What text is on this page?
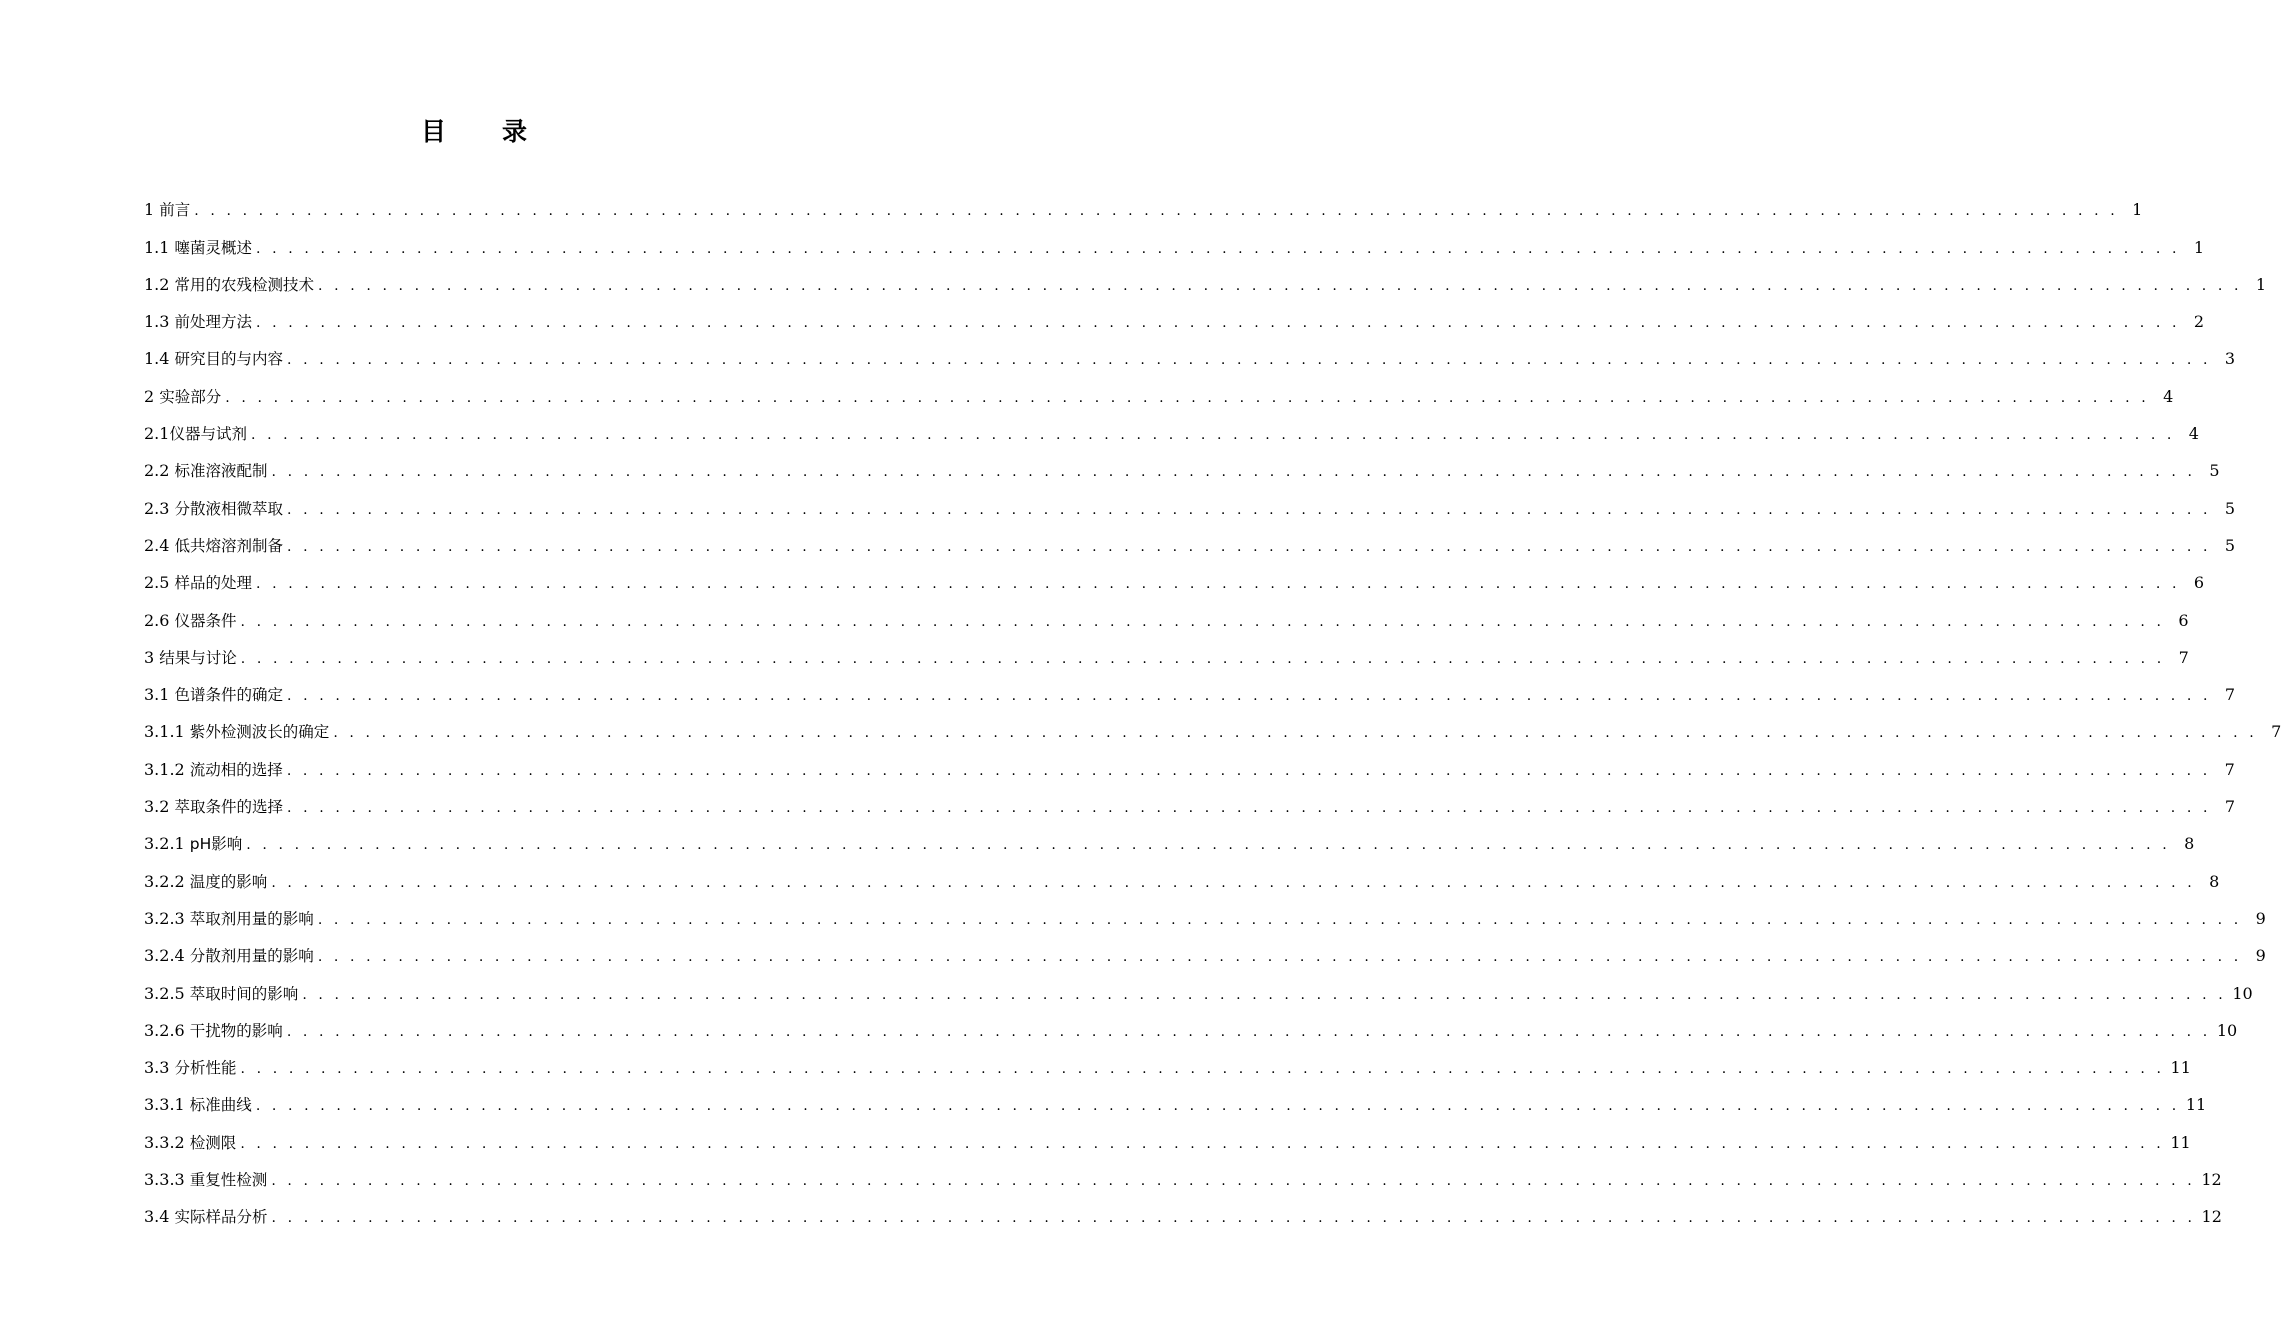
目　　录
1 前言 . . . . . . . . . . . . . . . . . . . . . . . . . . . . . . . . . . . . . . . . . . . . . . . . . . . . . . . . . . . . . . . . . . . . . . . . . . . . . . . . . . . . . . . . . . . . . . . . . . . . . . . . . . . . . . . . . . . . . . . . 1
1.1 噻菌灵概述 . . . . . . . . . . . . . . . . . . . . . . . . . . . . . . . . . . . . . . . . . . . . . . . . . . . . . . . . . . . . . . . . . . . . . . . . . . . . . . . . . . . . . . . . . . . . . . . . . . . . . . . . . . . . . . . . . . . . . . . . 1
1.2 常用的农残检测技术 . . . . . . . . . . . . . . . . . . . . . . . . . . . . . . . . . . . . . . . . . . . . . . . . . . . . . . . . . . . . . . . . . . . . . . . . . . . . . . . . . . . . . . . . . . . . . . . . . . . . . . . . . . . . . . . . . . . . . . . . 1
1.3 前处理方法 . . . . . . . . . . . . . . . . . . . . . . . . . . . . . . . . . . . . . . . . . . . . . . . . . . . . . . . . . . . . . . . . . . . . . . . . . . . . . . . . . . . . . . . . . . . . . . . . . . . . . . . . . . . . . . . . . . . . . . . . 2
1.4 研究目的与内容 . . . . . . . . . . . . . . . . . . . . . . . . . . . . . . . . . . . . . . . . . . . . . . . . . . . . . . . . . . . . . . . . . . . . . . . . . . . . . . . . . . . . . . . . . . . . . . . . . . . . . . . . . . . . . . . . . . . . . . . . 3
2 实验部分 . . . . . . . . . . . . . . . . . . . . . . . . . . . . . . . . . . . . . . . . . . . . . . . . . . . . . . . . . . . . . . . . . . . . . . . . . . . . . . . . . . . . . . . . . . . . . . . . . . . . . . . . . . . . . . . . . . . . . . . . 4
2.1 仪器与试剂 . . . . . . . . . . . . . . . . . . . . . . . . . . . . . . . . . . . . . . . . . . . . . . . . . . . . . . . . . . . . . . . . . . . . . . . . . . . . . . . . . . . . . . . . . . . . . . . . . . . . . . . . . . . . . . . . . . . . . . . . 4
2.2 标准溶液配制 . . . . . . . . . . . . . . . . . . . . . . . . . . . . . . . . . . . . . . . . . . . . . . . . . . . . . . . . . . . . . . . . . . . . . . . . . . . . . . . . . . . . . . . . . . . . . . . . . . . . . . . . . . . . . . . . . . . . . . . . 5
2.3 分散液相微萃取 . . . . . . . . . . . . . . . . . . . . . . . . . . . . . . . . . . . . . . . . . . . . . . . . . . . . . . . . . . . . . . . . . . . . . . . . . . . . . . . . . . . . . . . . . . . . . . . . . . . . . . . . . . . . . . . . . . . . . . . . 5
2.4 低共熔溶剂制备 . . . . . . . . . . . . . . . . . . . . . . . . . . . . . . . . . . . . . . . . . . . . . . . . . . . . . . . . . . . . . . . . . . . . . . . . . . . . . . . . . . . . . . . . . . . . . . . . . . . . . . . . . . . . . . . . . . . . . . . . 5
2.5 样品的处理 . . . . . . . . . . . . . . . . . . . . . . . . . . . . . . . . . . . . . . . . . . . . . . . . . . . . . . . . . . . . . . . . . . . . . . . . . . . . . . . . . . . . . . . . . . . . . . . . . . . . . . . . . . . . . . . . . . . . . . . . 6
2.6 仪器条件 . . . . . . . . . . . . . . . . . . . . . . . . . . . . . . . . . . . . . . . . . . . . . . . . . . . . . . . . . . . . . . . . . . . . . . . . . . . . . . . . . . . . . . . . . . . . . . . . . . . . . . . . . . . . . . . . . . . . . . . . 6
3 结果与讨论 . . . . . . . . . . . . . . . . . . . . . . . . . . . . . . . . . . . . . . . . . . . . . . . . . . . . . . . . . . . . . . . . . . . . . . . . . . . . . . . . . . . . . . . . . . . . . . . . . . . . . . . . . . . . . . . . . . . . . . . . 7
3.1 色谱条件的确定 . . . . . . . . . . . . . . . . . . . . . . . . . . . . . . . . . . . . . . . . . . . . . . . . . . . . . . . . . . . . . . . . . . . . . . . . . . . . . . . . . . . . . . . . . . . . . . . . . . . . . . . . . . . . . . . . . . . . . . . . 7
3.1.1 紫外检测波长的确定 . . . . . . . . . . . . . . . . . . . . . . . . . . . . . . . . . . . . . . . . . . . . . . . . . . . . . . . . . . . . . . . . . . . . . . . . . . . . . . . . . . . . . . . . . . . . . . . . . . . . . . . . . . . . . . . . . . . . . . . . 7
3.1.2 流动相的选择 . . . . . . . . . . . . . . . . . . . . . . . . . . . . . . . . . . . . . . . . . . . . . . . . . . . . . . . . . . . . . . . . . . . . . . . . . . . . . . . . . . . . . . . . . . . . . . . . . . . . . . . . . . . . . . . . . . . . . . . . 7
3.2 萃取条件的选择 . . . . . . . . . . . . . . . . . . . . . . . . . . . . . . . . . . . . . . . . . . . . . . . . . . . . . . . . . . . . . . . . . . . . . . . . . . . . . . . . . . . . . . . . . . . . . . . . . . . . . . . . . . . . . . . . . . . . . . . . 7
3.2.1 pH影响 . . . . . . . . . . . . . . . . . . . . . . . . . . . . . . . . . . . . . . . . . . . . . . . . . . . . . . . . . . . . . . . . . . . . . . . . . . . . . . . . . . . . . . . . . . . . . . . . . . . . . . . . . . . . . . . . . . . . . . . . 8
3.2.2 温度的影响 . . . . . . . . . . . . . . . . . . . . . . . . . . . . . . . . . . . . . . . . . . . . . . . . . . . . . . . . . . . . . . . . . . . . . . . . . . . . . . . . . . . . . . . . . . . . . . . . . . . . . . . . . . . . . . . . . . . . . . . . 8
3.2.3 萃取剂用量的影响 . . . . . . . . . . . . . . . . . . . . . . . . . . . . . . . . . . . . . . . . . . . . . . . . . . . . . . . . . . . . . . . . . . . . . . . . . . . . . . . . . . . . . . . . . . . . . . . . . . . . . . . . . . . . . . . . . . . . . . . . 9
3.2.4 分散剂用量的影响 . . . . . . . . . . . . . . . . . . . . . . . . . . . . . . . . . . . . . . . . . . . . . . . . . . . . . . . . . . . . . . . . . . . . . . . . . . . . . . . . . . . . . . . . . . . . . . . . . . . . . . . . . . . . . . . . . . . . . . . . 9
3.2.5 萃取时间的影响 . . . . . . . . . . . . . . . . . . . . . . . . . . . . . . . . . . . . . . . . . . . . . . . . . . . . . . . . . . . . . . . . . . . . . . . . . . . . . . . . . . . . . . . . . . . . . . . . . . . . . . . . . . . . . . . . . . . . . . . . 10
3.2.6 干扰物的影响 . . . . . . . . . . . . . . . . . . . . . . . . . . . . . . . . . . . . . . . . . . . . . . . . . . . . . . . . . . . . . . . . . . . . . . . . . . . . . . . . . . . . . . . . . . . . . . . . . . . . . . . . . . . . . . . . . . . . . . . . 10
3.3 分析性能 . . . . . . . . . . . . . . . . . . . . . . . . . . . . . . . . . . . . . . . . . . . . . . . . . . . . . . . . . . . . . . . . . . . . . . . . . . . . . . . . . . . . . . . . . . . . . . . . . . . . . . . . . . . . . . . . . . . . . . . . 11
3.3.1 标准曲线 . . . . . . . . . . . . . . . . . . . . . . . . . . . . . . . . . . . . . . . . . . . . . . . . . . . . . . . . . . . . . . . . . . . . . . . . . . . . . . . . . . . . . . . . . . . . . . . . . . . . . . . . . . . . . . . . . . . . . . . . 11
3.3.2 检测限 . . . . . . . . . . . . . . . . . . . . . . . . . . . . . . . . . . . . . . . . . . . . . . . . . . . . . . . . . . . . . . . . . . . . . . . . . . . . . . . . . . . . . . . . . . . . . . . . . . . . . . . . . . . . . . . . . . . . . . . . 11
3.3.3 重复性检测 . . . . . . . . . . . . . . . . . . . . . . . . . . . . . . . . . . . . . . . . . . . . . . . . . . . . . . . . . . . . . . . . . . . . . . . . . . . . . . . . . . . . . . . . . . . . . . . . . . . . . . . . . . . . . . . . . . . . . . . . 12
3.4 实际样品分析 . . . . . . . . . . . . . . . . . . . . . . . . . . . . . . . . . . . . . . . . . . . . . . . . . . . . . . . . . . . . . . . . . . . . . . . . . . . . . . . . . . . . . . . . . . . . . . . . . . . . . . . . . . . . . . . . . . . . . . . . 12
